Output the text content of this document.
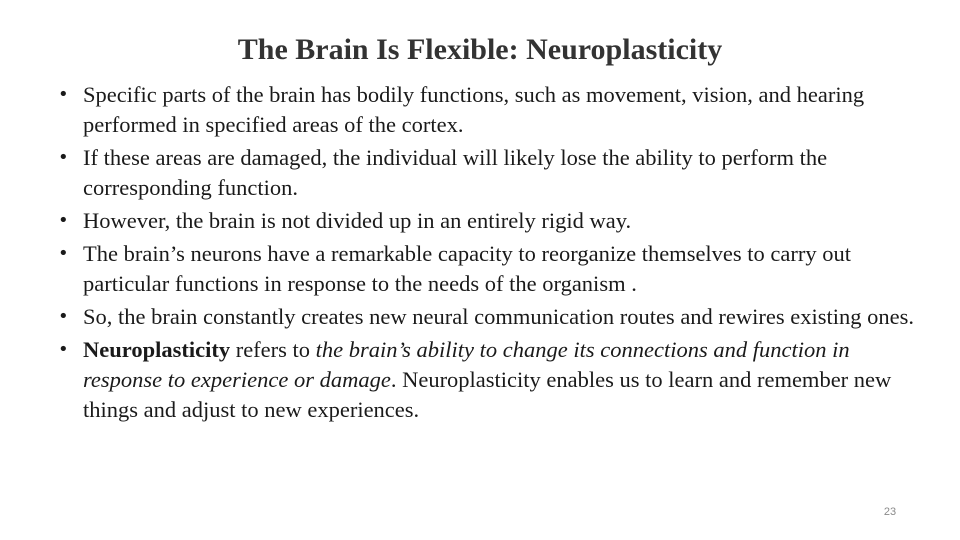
The Brain Is Flexible: Neuroplasticity
• Specific parts of the brain has bodily functions, such as movement, vision, and hearing performed in specified areas of the cortex.
• If these areas are damaged, the individual will likely lose the ability to perform the corresponding function.
• However, the brain is not divided up in an entirely rigid way.
• The brain’s neurons have a remarkable capacity to reorganize themselves to carry out particular functions in response to the needs of the organism .
• So, the brain constantly creates new neural communication routes and rewires existing ones.
• Neuroplasticity refers to the brain’s ability to change its connections and function in response to experience or damage. Neuroplasticity enables us to learn and remember new things and adjust to new experiences.
23
